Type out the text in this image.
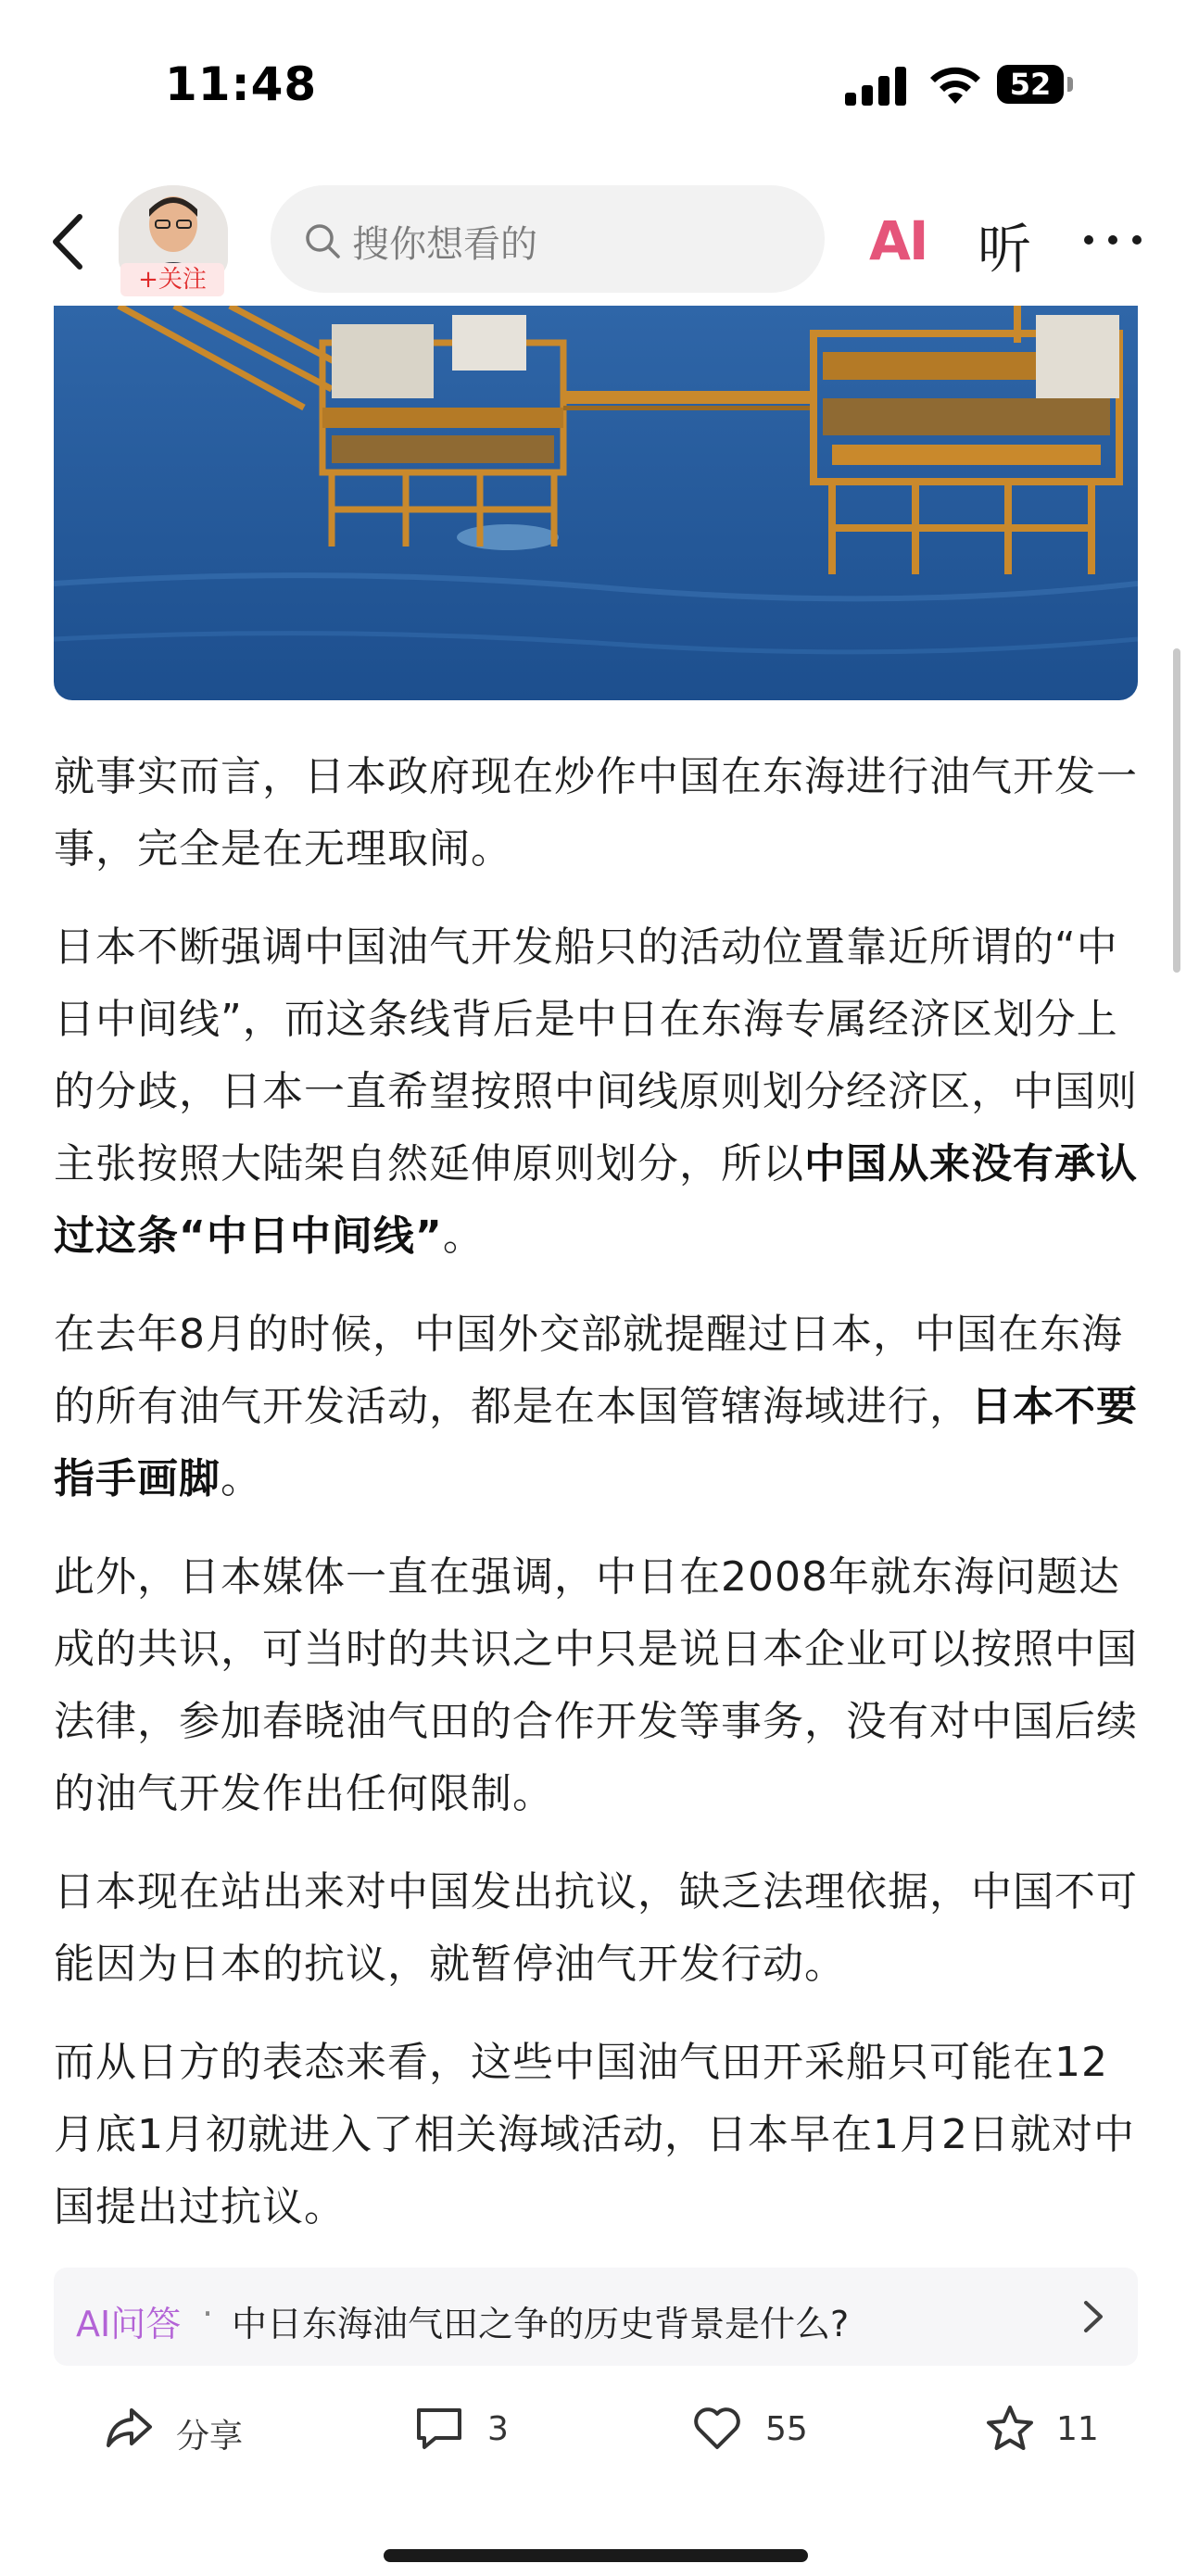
11:48	52
+关注
搜你想看的	AI 听

就事实而言，日本政府现在炒作中国在东海进行油气开发一事，完全是在无理取闹。

日本不断强调中国油气开发船只的活动位置靠近所谓的“中日中间线”，而这条线背后是中日在东海专属经济区划分上的分歧，日本一直希望按照中间线原则划分经济区，中国则主张按照大陆架自然延伸原则划分，所以中国从来没有承认过这条“中日中间线”。

在去年8月的时候，中国外交部就提醒过日本，中国在东海的所有油气开发活动，都是在本国管辖海域进行，日本不要指手画脚。

此外，日本媒体一直在强调，中日在2008年就东海问题达成的共识，可当时的共识之中只是说日本企业可以按照中国法律，参加春晓油气田的合作开发等事务，没有对中国后续的油气开发作出任何限制。

日本现在站出来对中国发出抗议，缺乏法理依据，中国不可能因为日本的抗议，就暂停油气开发行动。

而从日方的表态来看，这些中国油气田开采船只可能在12月底1月初就进入了相关海域活动，日本早在1月2日就对中国提出过抗议。

AI问答 · 中日东海油气田之争的历史背景是什么?
分享	3	55	11
